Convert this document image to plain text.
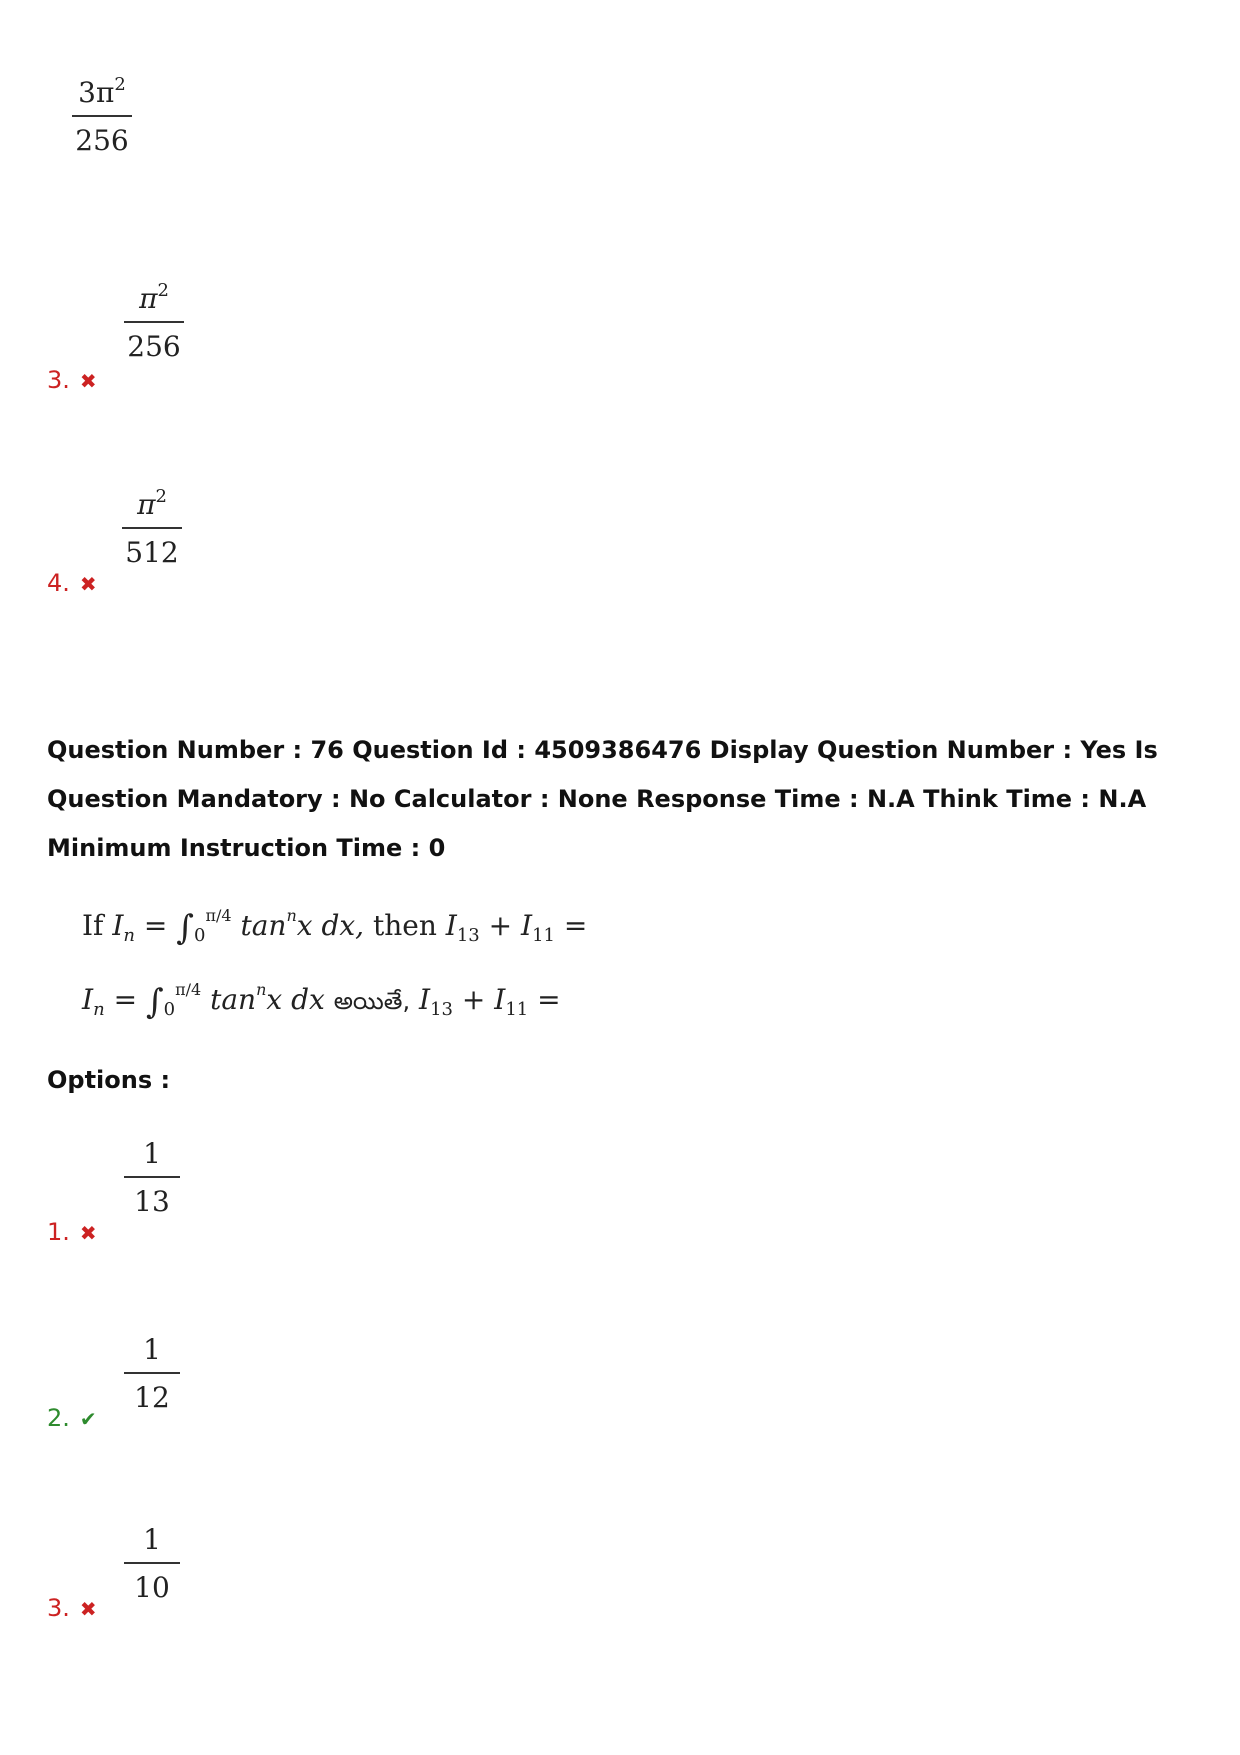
$3\pi^2$
256
$\pi^2$
256
3. ✖
$\pi^2$
512
4. ✖
Question Number : 76 Question Id : 4509386476 Display Question Number : Yes Is Question Mandatory : No Calculator : None Response Time : N.A Think Time : N.A Minimum Instruction Time : 0
If $I_n = \int_0^{\pi/4}$ $\tan^nx$ dx, then $I_{13} + I_{11}$ =
$I_n = \int_0^{\pi/4}$ $\tan^nx$ dx అయితే, $I_{13} + I_{11}$ =
Options :
1
13
1. ✖
1
12
2. ✔
1
10
3. ✖
